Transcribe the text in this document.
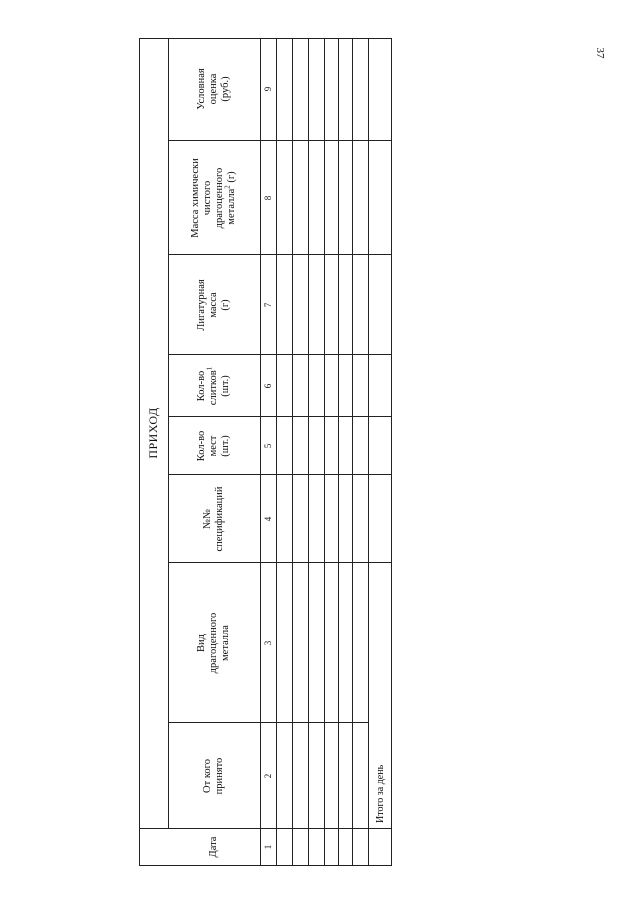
37
ПРИХОД
Дата
От кого
принято
Вид
драгоценного
металла
№№
спецификаций
Кол-во
мест
(шт.)
Кол-во
слитков$^1$
(шт.)
Лигатурная
масса
(г)
Масса химически
чистого
драгоценного
металла$^2$ (г)
Условная
оценка
(руб.)
1
2
3
4
5
6
7
8
9
Итого за день
